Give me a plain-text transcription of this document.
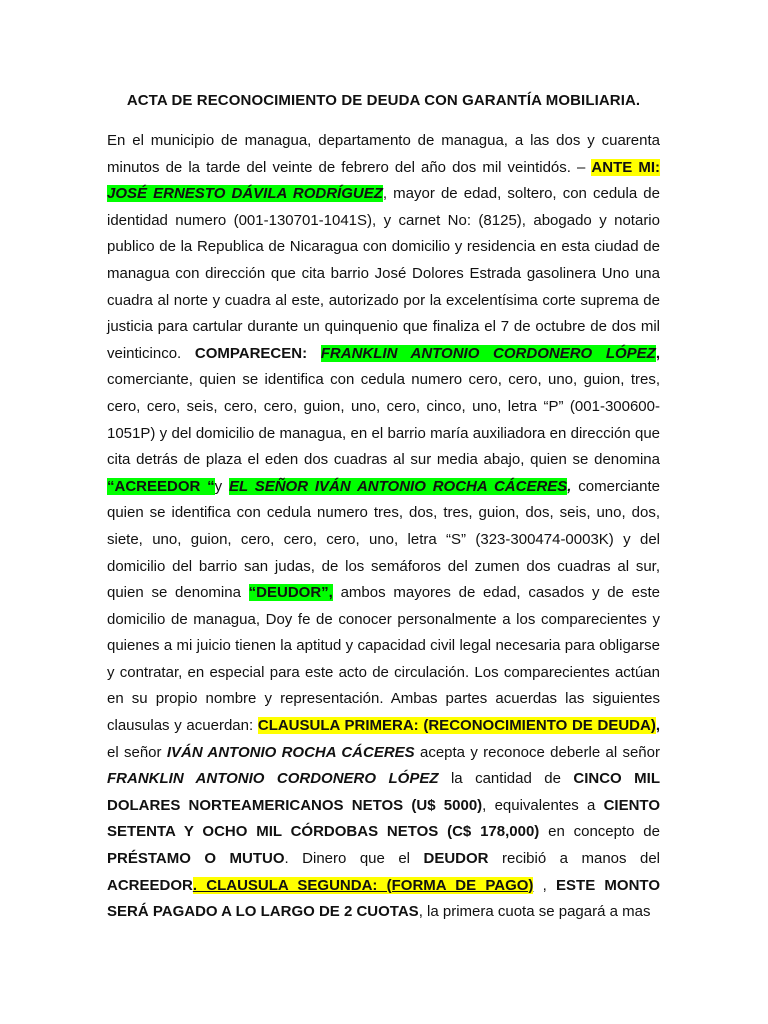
ACTA DE RECONOCIMIENTO DE DEUDA CON GARANTÍA MOBILIARIA.

En el municipio de managua, departamento de managua, a las dos y cuarenta minutos de la tarde del veinte de febrero del año dos mil veintidós. – ANTE MI: JOSÉ ERNESTO DÁVILA RODRÍGUEZ, mayor de edad, soltero, con cedula de identidad numero (001-130701-1041S), y carnet No: (8125), abogado y notario publico de la Republica de Nicaragua con domicilio y residencia en esta ciudad de managua con dirección que cita barrio José Dolores Estrada gasolinera Uno una cuadra al norte y cuadra al este, autorizado por la excelentísima corte suprema de justicia para cartular durante un quinquenio que finaliza el 7 de octubre de dos mil veinticinco. COMPARECEN: FRANKLIN ANTONIO CORDONERO LÓPEZ, comerciante, quien se identifica con cedula numero cero, cero, uno, guion, tres, cero, cero, seis, cero, cero, guion, uno, cero, cinco, uno, letra “P” (001-300600-1051P) y del domicilio de managua, en el barrio maría auxiliadora en dirección que cita detrás de plaza el eden dos cuadras al sur media abajo, quien se denomina “ACREEDOR “y EL SEÑOR IVÁN ANTONIO ROCHA CÁCERES, comerciante quien se identifica con cedula numero tres, dos, tres, guion, dos, seis, uno, dos, siete, uno, guion, cero, cero, cero, uno, letra “S” (323-300474-0003K) y del domicilio del barrio san judas, de los semáforos del zumen dos cuadras al sur, quien se denomina “DEUDOR”, ambos mayores de edad, casados y de este domicilio de managua, Doy fe de conocer personalmente a los comparecientes y quienes a mi juicio tienen la aptitud y capacidad civil legal necesaria para obligarse y contratar, en especial para este acto de circulación. Los comparecientes actúan en su propio nombre y representación. Ambas partes acuerdas las siguientes clausulas y acuerdan: CLAUSULA PRIMERA: (RECONOCIMIENTO DE DEUDA), el señor IVÁN ANTONIO ROCHA CÁCERES acepta y reconoce deberle al señor FRANKLIN ANTONIO CORDONERO LÓPEZ la cantidad de CINCO MIL DOLARES NORTEAMERICANOS NETOS (U$ 5000), equivalentes a CIENTO SETENTA Y OCHO MIL CÓRDOBAS NETOS (C$ 178,000) en concepto de PRÉSTAMO O MUTUO. Dinero que el DEUDOR recibió a manos del ACREEDOR. CLAUSULA SEGUNDA: (FORMA DE PAGO) , ESTE MONTO SERÁ PAGADO A LO LARGO DE 2 CUOTAS, la primera cuota se pagará a mas
